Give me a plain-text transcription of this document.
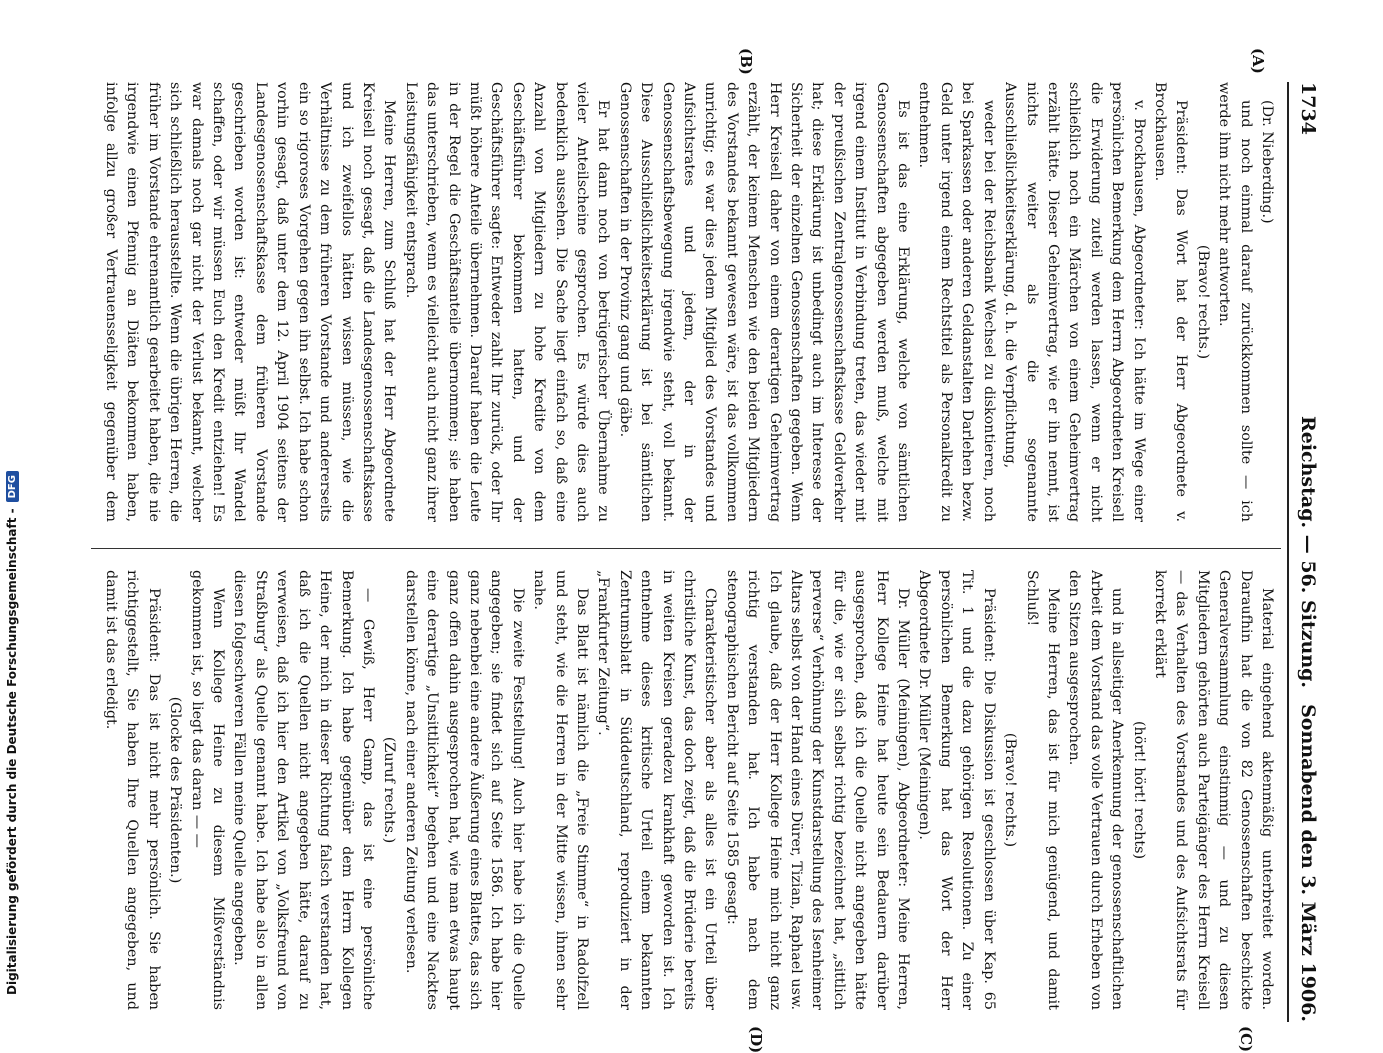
1734
Reichstag. — 56. Sitzung.
Sonnabend den 3. März 1906.
(A)
(B)
(C)
(D)

(Dr. Nieberding.)

und noch einmal darauf zurückkommen sollte — ich werde ihm nicht mehr antworten.

(Bravo! rechts.)

Präsident: Das Wort hat der Herr Abgeordnete v. Brockhausen.

v. Brockhausen, Abgeordneter: Ich hätte im Wege einer persönlichen Bemerkung dem Herrn Abgeordneten Kreisell die Erwiderung zuteil werden lassen, wenn er nicht schließlich noch ein Märchen von einem Geheimvertrag erzählt hätte. Dieser Geheimvertrag, wie er ihn nennt, ist nichts weiter als die sogenannte Ausschließlichkeitserklärung, d. h. die Verpflichtung,

weder bei der Reichsbank Wechsel zu diskontieren, noch bei Sparkassen oder anderen Geldanstalten Darlehen bezw. Geld unter irgend einem Rechtstitel als Personalkredit zu entnehmen.

Es ist das eine Erklärung, welche von sämtlichen Genossenschaften abgegeben werden muß, welche mit irgend einem Institut in Verbindung treten, das wieder mit der preußischen Zentralgenossenschaftskasse Geldverkehr hat; diese Erklärung ist unbedingt auch im Interesse der Sicherheit der einzelnen Genossenschaften gegeben. Wenn Herr Kreisell daher von einem derartigen Geheimvertrag erzählt, der keinem Menschen wie den beiden Mitgliedern des Vorstandes bekannt gewesen wäre, ist das vollkommen unrichtig; es war dies jedem Mitglied des Vorstandes und Aufsichtsrates und jedem, der in der Genossenschaftsbewegung irgendwie steht, voll bekannt. Diese Ausschließlichkeitserklärung ist bei sämtlichen Genossenschaften in der Provinz gang und gäbe.

Er hat dann noch von betrügerischer Übernahme zu vieler Anteilscheine gesprochen. Es würde dies auch bedenklich aussehen. Die Sache liegt einfach so, daß eine Anzahl von Mitgliedern zu hohe Kredite von dem Geschäftsführer bekommen hatten, und der Geschäftsführer sagte: Entweder zahlt Ihr zurück, oder Ihr müßt höhere Anteile übernehmen. Darauf haben die Leute in der Regel die Geschäftsanteile übernommen; sie haben das unterschrieben, wenn es vielleicht auch nicht ganz ihrer Leistungsfähigkeit entsprach.

Meine Herren, zum Schluß hat der Herr Abgeordnete Kreisell noch gesagt, daß die Landesgenossenschaftskasse und ich zweifellos hätten wissen müssen, wie die Verhältnisse zu dem früheren Vorstande und andererseits ein so rigoroses Vorgehen gegen ihn selbst. Ich habe schon vorhin gesagt, daß unter dem 12. April 1904 seitens der Landesgenossenschaftskasse dem früheren Vorstande geschrieben worden ist: entweder müßt Ihr Wandel schaffen, oder wir müssen Euch den Kredit entziehen! Es war damals noch gar nicht der Verlust bekannt, welcher sich schließlich herausstellte. Wenn die übrigen Herren, die früher im Vorstande ehrenamtlich gearbeitet haben, die nie irgendwie einen Pfennig an Diäten bekommen haben, infolge allzu großer Vertrauensseligkeit gegenüber dem

Material eingehend aktenmäßig unterbreitet worden. Daraufhin hat die von 82 Genossenschaften beschickte Generalversammlung einstimmig — und zu diesen Mitgliedern gehörten auch Parteigänger des Herrn Kreisell — das Verhalten des Vorstandes und des Aufsichtsrats für korrekt erklärt

(hört! hört! rechts)

und in allseitiger Anerkennung der genossenschaftlichen Arbeit dem Vorstand das volle Vertrauen durch Erheben von den Sitzen ausgesprochen.

Meine Herren, das ist für mich genügend, und damit Schluß!

(Bravo! rechts.)

Präsident: Die Diskussion ist geschlossen über Kap. 65 Tit. 1 und die dazu gehörigen Resolutionen. Zu einer persönlichen Bemerkung hat das Wort der Herr Abgeordnete Dr. Müller (Meiningen).

Dr. Müller (Meiningen), Abgeordneter: Meine Herren, Herr Kollege Heine hat heute sein Bedauern darüber ausgesprochen, daß ich die Quelle nicht angegeben hätte für die, wie er sich selbst richtig bezeichnet hat, „sittlich perverse“ Verhöhnung der Kunstdarstellung des Isenheimer Altars selbst von der Hand eines Dürer, Tizian, Raphael usw. Ich glaube, daß der Herr Kollege Heine mich nicht ganz richtig verstanden hat. Ich habe nach dem stenographischen Bericht auf Seite 1585 gesagt:

Charakteristischer aber als alles ist ein Urteil über christliche Kunst, das doch zeigt, daß die Brüderie bereits in weiten Kreisen geradezu krankhaft geworden ist. Ich entnehme dieses kritische Urteil einem bekannten Zentrumsblatt in Süddeutschland, reproduziert in der „Frankfurter Zeitung“.

Das Blatt ist nämlich die „Freie Stimme“ in Radolfzell und steht, wie die Herren in der Mitte wissen, ihnen sehr nahe.

Die zweite Feststellung! Auch hier habe ich die Quelle angegeben; sie findet sich auf Seite 1586. Ich habe hier ganz nebenbei eine andere Äußerung eines Blattes, das sich ganz offen dahin ausgesprochen hat, wie man etwas haupt eine derartige „Unsittlichkeit“ begehen und eine Nacktes darstellen könne, nach einer anderen Zeitung verlesen.

(Zuruf rechts.)

— Gewiß, Herr Gamp, das ist eine persönliche Bemerkung. Ich habe gegenüber dem Herrn Kollegen Heine, der mich in dieser Richtung falsch verstanden hat, daß ich die Quellen nicht angegeben hätte, darauf zu verweisen, daß ich hier den Artikel von „Volksfreund von Straßburg“ als Quelle genannt habe. Ich habe also in allen diesen folgeschweren Fällen meine Quelle angegeben.

Wenn Kollege Heine zu diesem Mißverständnis gekommen ist, so liegt das daran — —

(Glocke des Präsidenten.)

Präsident: Das ist nicht mehr persönlich. Sie haben richtiggestellt, Sie haben Ihre Quellen angegeben, und damit ist das erledigt.

Digitalisierung gefördert durch die Deutsche Forschungsgemeinschaft -
DFG
